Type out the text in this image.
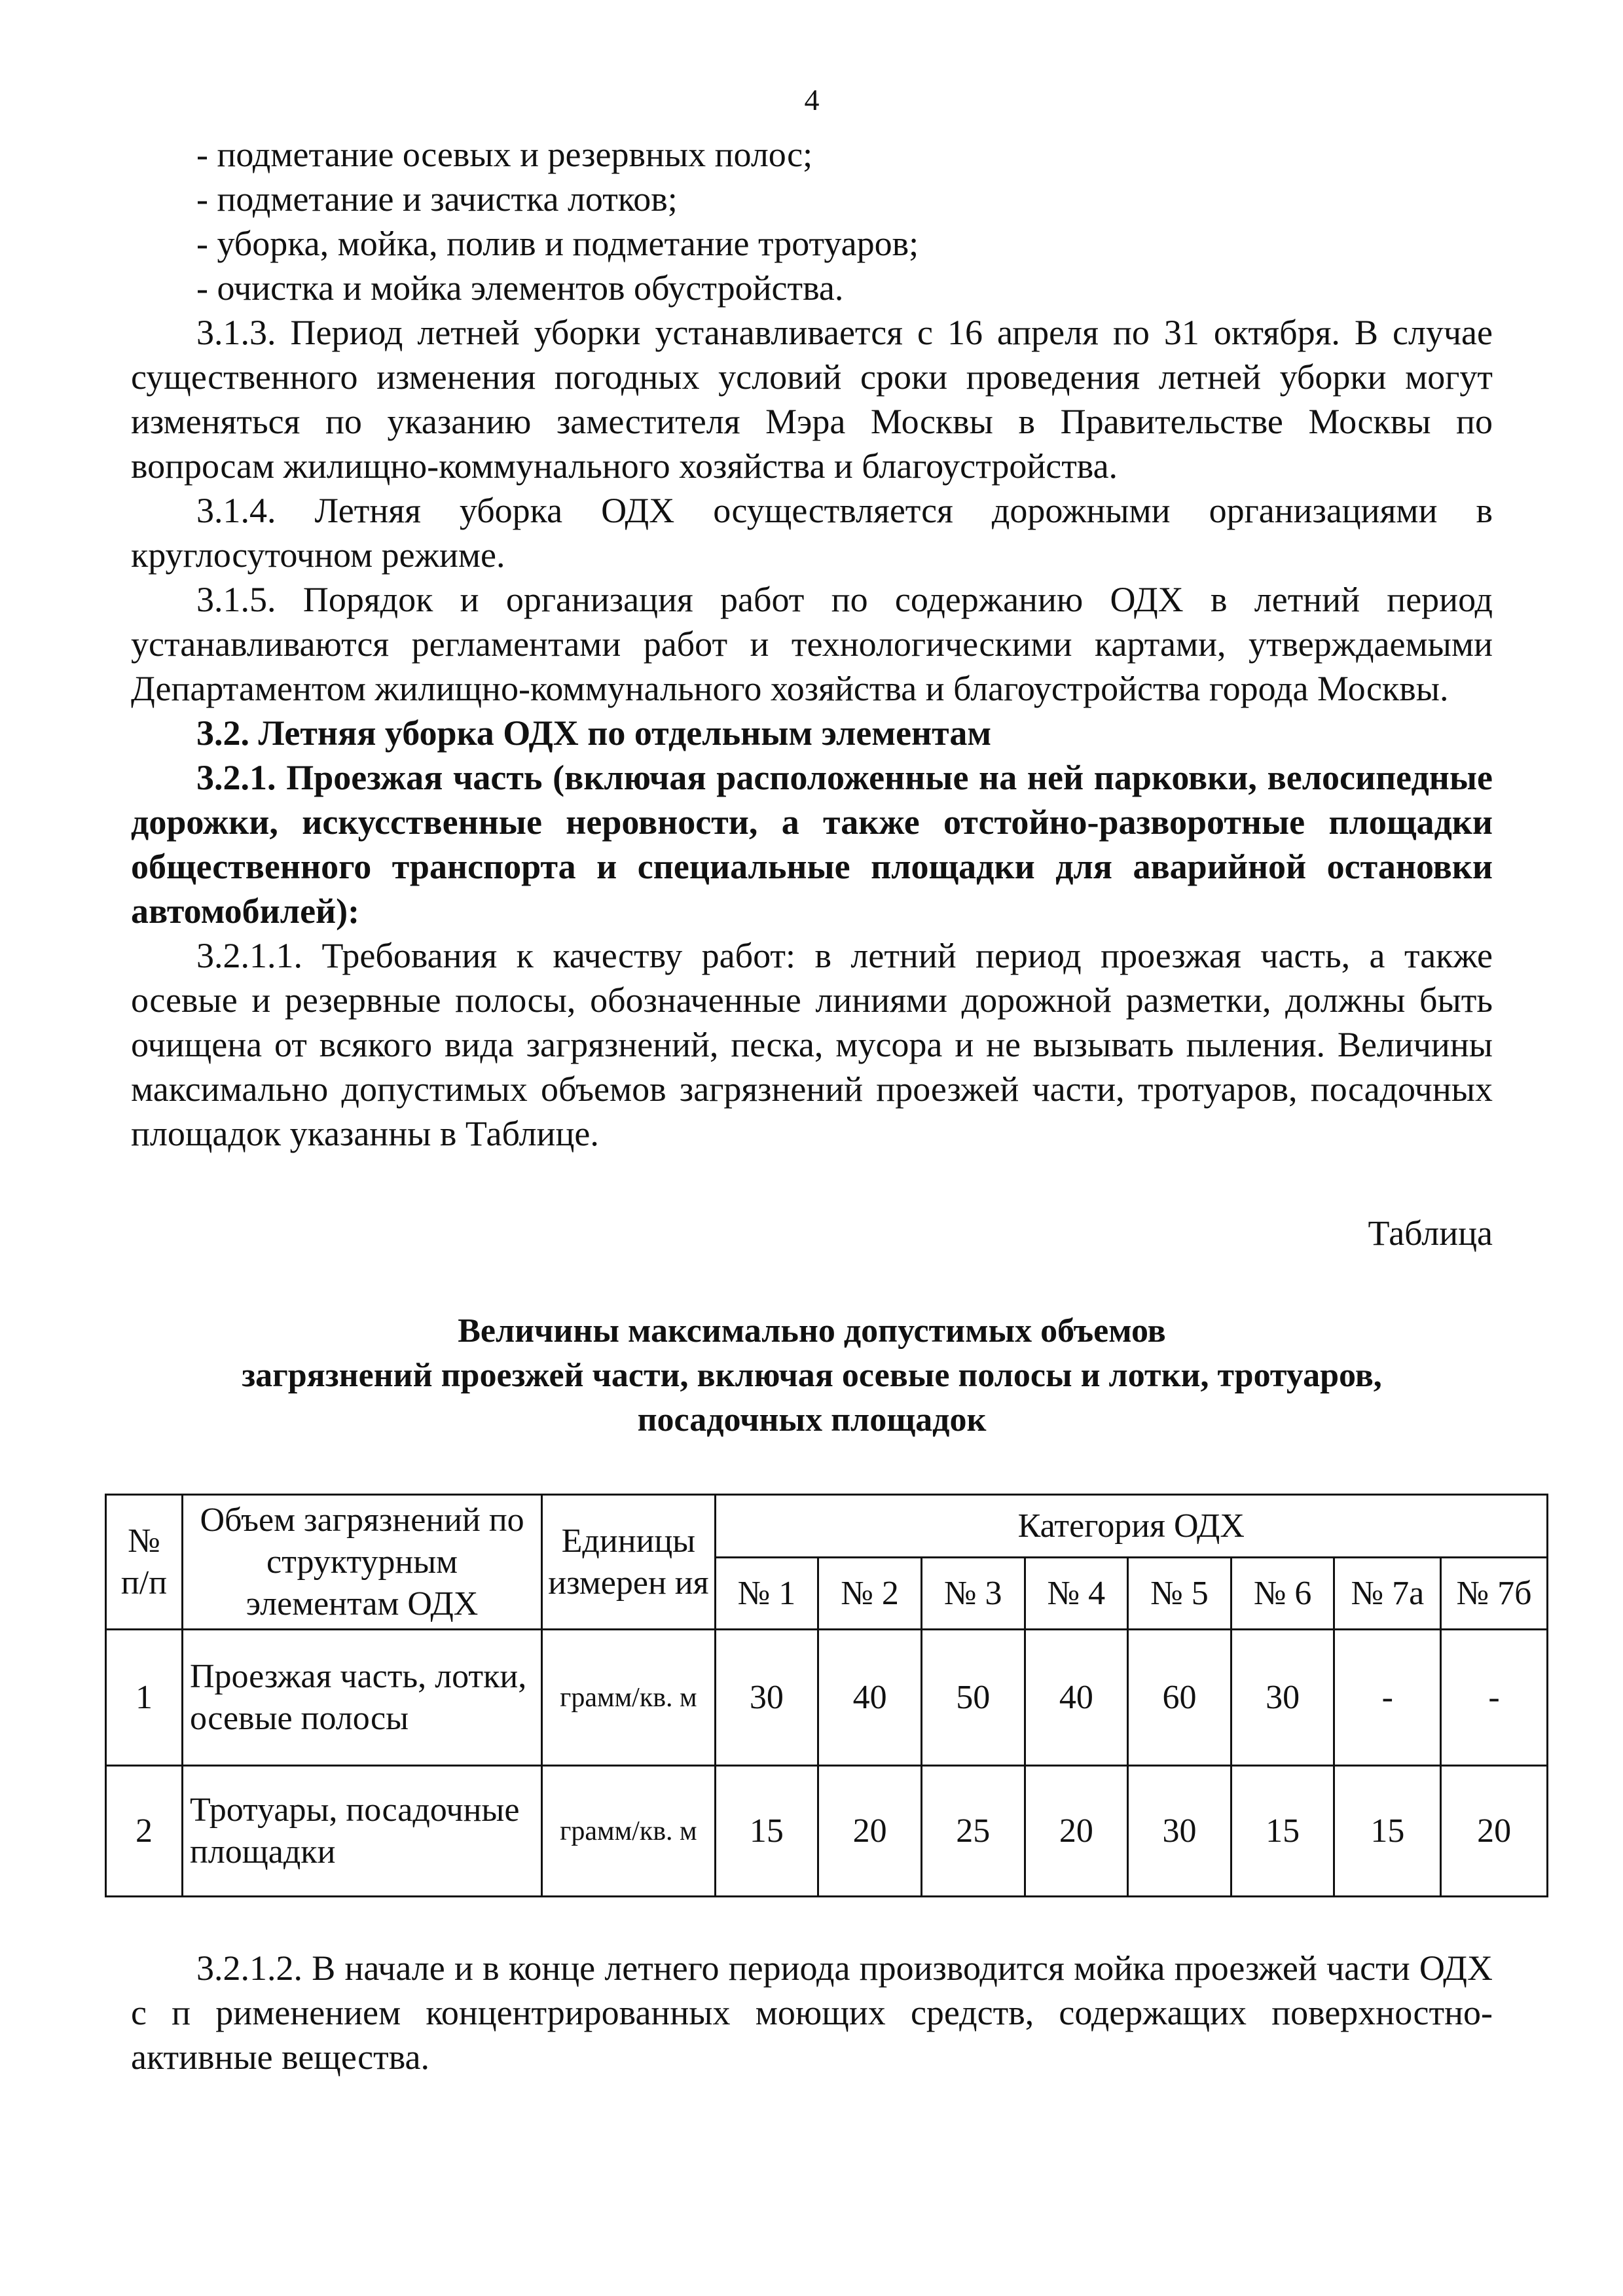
4

- подметание осевых и резервных полос;

- подметание и зачистка лотков;

- уборка, мойка, полив и подметание тротуаров;

- очистка и мойка элементов обустройства.

3.1.3. Период летней уборки устанавливается с 16 апреля по 31 октября. В случае существенного изменения погодных условий сроки проведения летней уборки могут изменяться по указанию заместителя Мэра Москвы в Правительстве Москвы по вопросам жилищно-коммунального хозяйства и благоустройства.

3.1.4. Летняя уборка ОДХ осуществляется дорожными организациями в круглосуточном режиме.

3.1.5. Порядок и организация работ по содержанию ОДХ в летний период устанавливаются регламентами работ и технологическими картами, утверждаемыми Департаментом жилищно-коммунального хозяйства и благоустройства города Москвы.

3.2. Летняя уборка ОДХ по отдельным элементам

3.2.1. Проезжая часть (включая расположенные на ней парковки, велосипедные дорожки, искусственные неровности, а также отстойно-разворотные площадки общественного транспорта и специальные площадки для аварийной остановки автомобилей):

3.2.1.1. Требования к качеству работ: в летний период проезжая часть, а также осевые и резервные полосы, обозначенные линиями дорожной разметки, должны быть очищена от всякого вида загрязнений, песка, мусора и не вызывать пыления. Величины максимально допустимых объемов загрязнений проезжей части, тротуаров, посадочных площадок указанны в Таблице.

Таблица

Величины максимально допустимых объемов
загрязнений проезжей части, включая осевые полосы и лотки, тротуаров,
посадочных площадок
№ п/п	Объем загрязнений по структурным элементам ОДХ	Единицы измерен ия	Категория ОДХ							
			№ 1	№ 2	№ 3	№ 4	№ 5	№ 6	№ 7а	№ 7б
1	Проезжая часть, лотки, осевые полосы	грамм/кв. м	30	40	50	40	60	30	-	-
2	Тротуары, посадочные площадки	грамм/кв. м	15	20	25	20	30	15	15	20

3.2.1.2. В начале и в конце летнего периода производится мойка проезжей части ОДХ с п рименением концентрированных моющих средств, содержащих поверхностно-активные вещества.
